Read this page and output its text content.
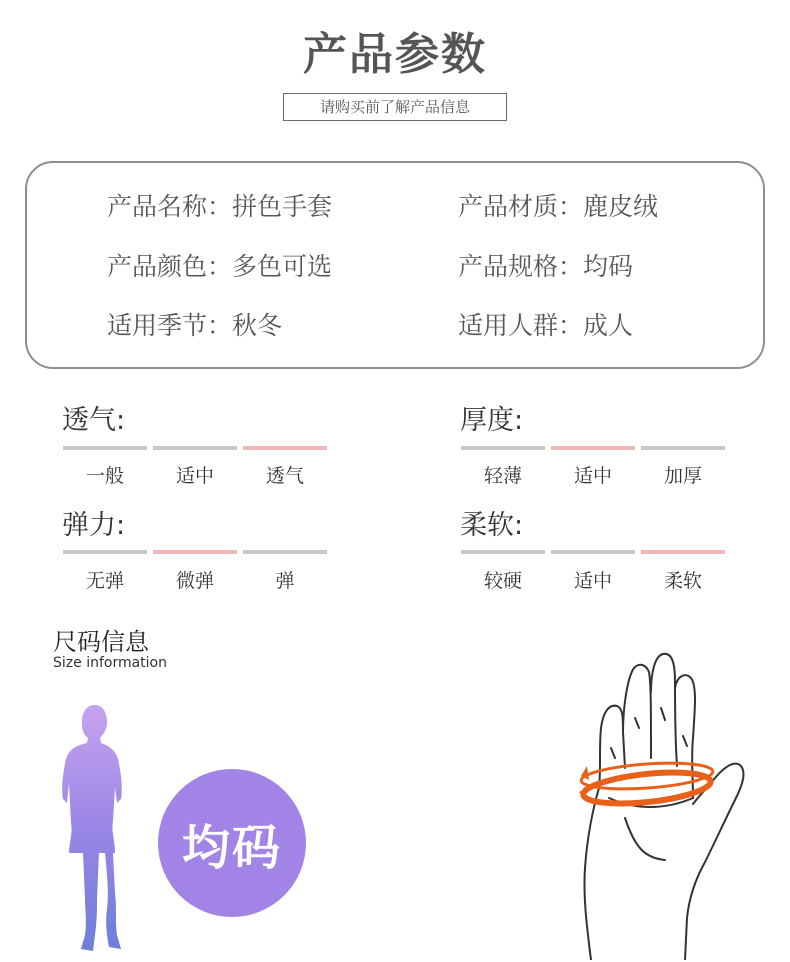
产品参数
请购买前了解产品信息
产品名称：拼色手套	产品材质：鹿皮绒
产品颜色：多色可选	产品规格：均码
适用季节：秋冬	适用人群：成人
透气:
一般	适中	透气
厚度:
轻薄	适中	加厚
弹力:
无弹	微弹	弹
柔软:
较硬	适中	柔软
尺码信息
Size information
均码
